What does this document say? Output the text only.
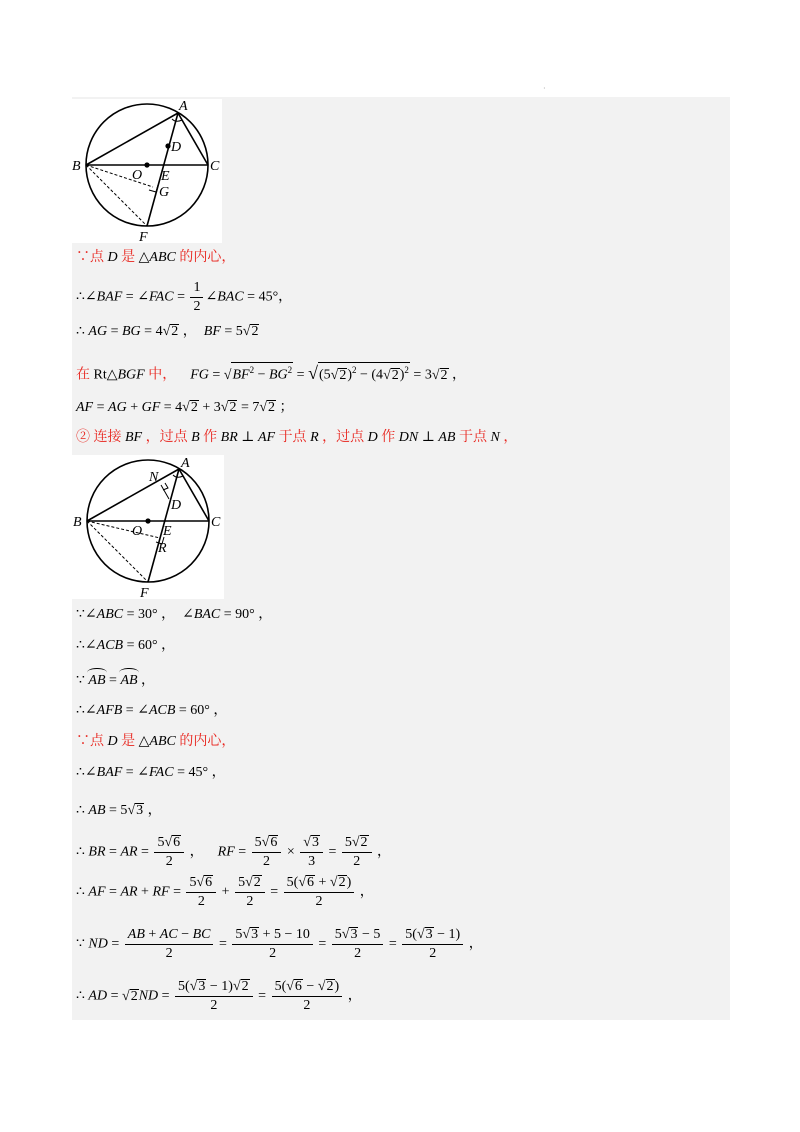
·
A
B	C
D
O E
G
F
∵点 D 是 △ABC 的内心，
∴∠BAF = ∠FAC = $\frac{1}{2}$ ∠BAC = 45°，
∴ AG = BG = 4√2 ，  BF = 5√2
在 Rt△BGF 中， FG = $√BF^2 - BG^2 = √(5√2)^2 - (4√2)^2 = 3√2$ ，
AF = AG + GF = 4√2 + 3√2 = 7√2 ；
② 连接 BF ，过点 B 作 BR ⊥ AF 于点 R ，过点 D 作 DN ⊥ AB 于点 N ，
A
B	C
N
D
O E
R
F
∵∠ABC = 30° ，  ∠BAC = 90° ，
∴∠ACB = 60° ，
∵ AB = AB ，
∴∠AFB = ∠ACB = 60° ，
∵点 D 是 △ABC 的内心，
∴∠BAF = ∠FAC = 45° ，
∴ AB = 5√3 ，
∴ BR = AR = $\frac{5√6}{2}$ ，    RF = $\frac{5√6}{2} \times \frac{√3}{3} = \frac{5√2}{2}$ ，
∴ AF = AR + RF = $\frac{5√6}{2} + \frac{5√2}{2} = \frac{5(√6 + √2)}{2}$ ，
∵ ND = $\frac{AB + AC - BC}{2} = \frac{5√3 + 5 - 10}{2} = \frac{5√3 - 5}{2} = \frac{5(√3 - 1)}{2}$ ，
∴ AD = $√2ND = \frac{5(√3 - 1)√2}{2} = \frac{5(√6 - √2)}{2}$ ，
